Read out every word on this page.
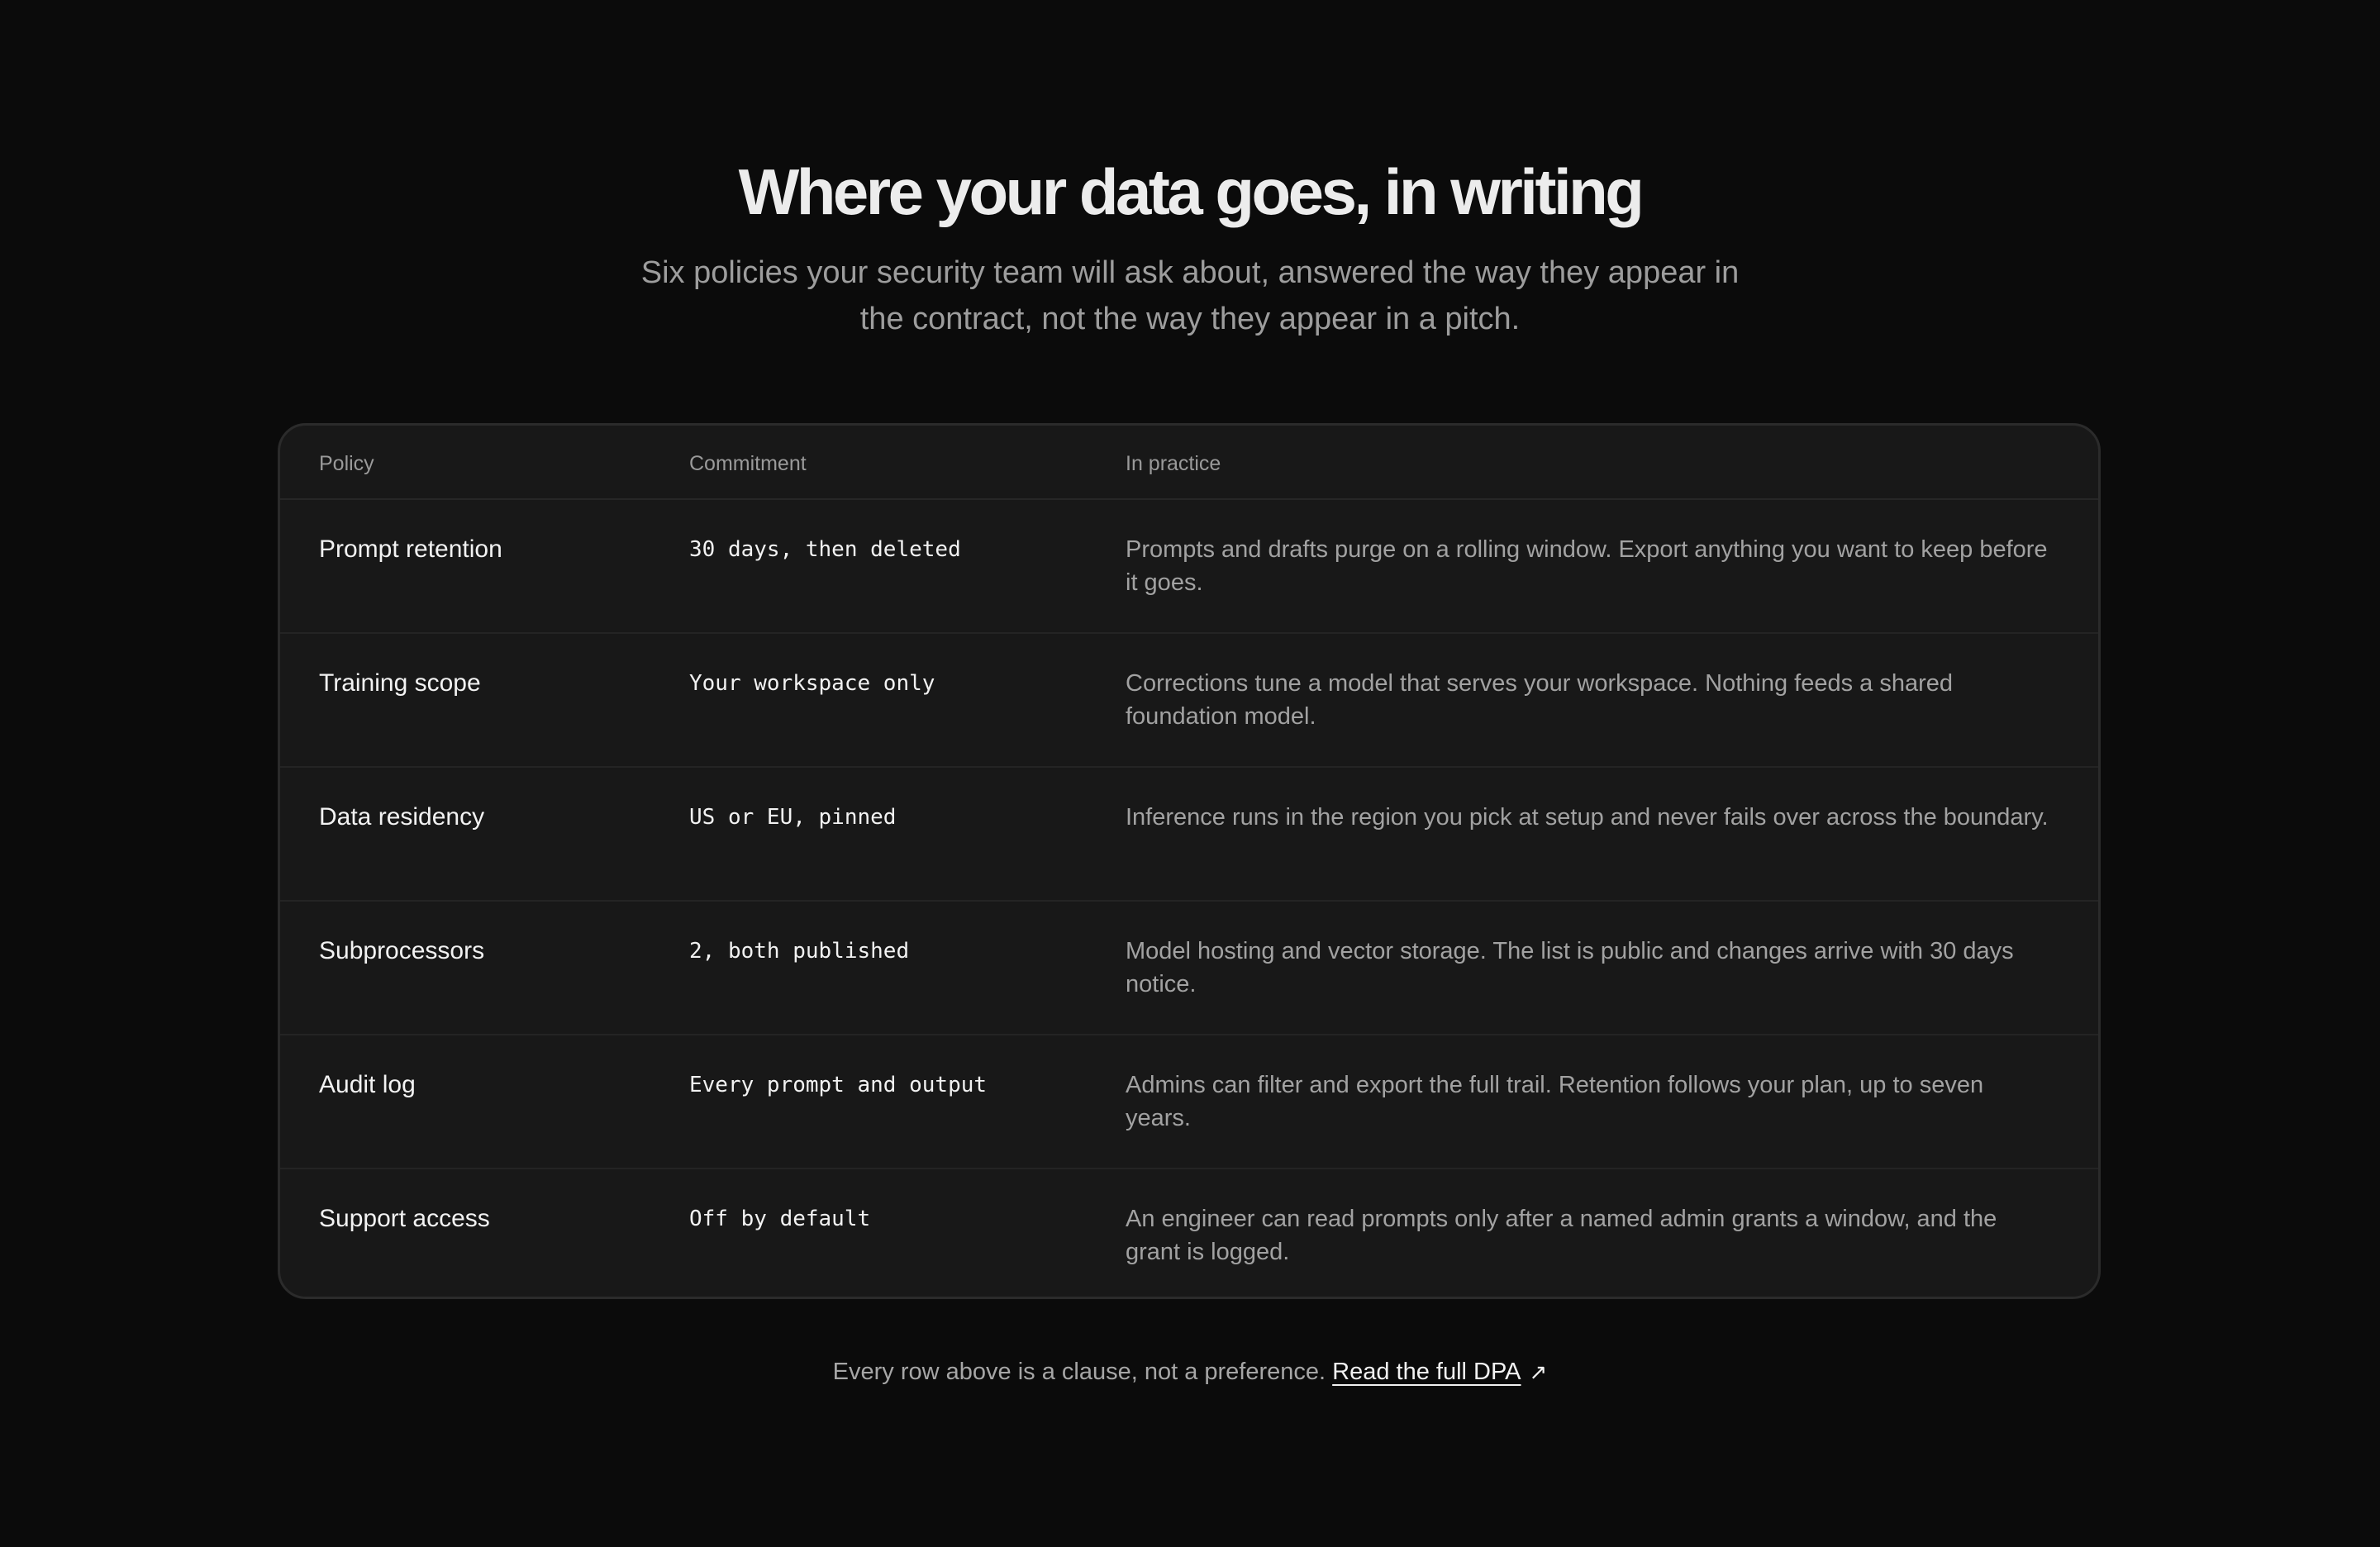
Where your data goes, in writing

Six policies your security team will ask about, answered the way they appear in the contract, not the way they appear in a pitch.

Policy	Commitment	In practice
Prompt retention	30 days, then deleted	Prompts and drafts purge on a rolling window. Export anything you want to keep before it goes.
Training scope	Your workspace only	Corrections tune a model that serves your workspace. Nothing feeds a shared foundation model.
Data residency	US or EU, pinned	Inference runs in the region you pick at setup and never fails over across the boundary.
Subprocessors	2, both published	Model hosting and vector storage. The list is public and changes arrive with 30 days notice.
Audit log	Every prompt and output	Admins can filter and export the full trail. Retention follows your plan, up to seven years.
Support access	Off by default	An engineer can read prompts only after a named admin grants a window, and the grant is logged.
Every row above is a clause, not a preference. Read the full DPA ↗
